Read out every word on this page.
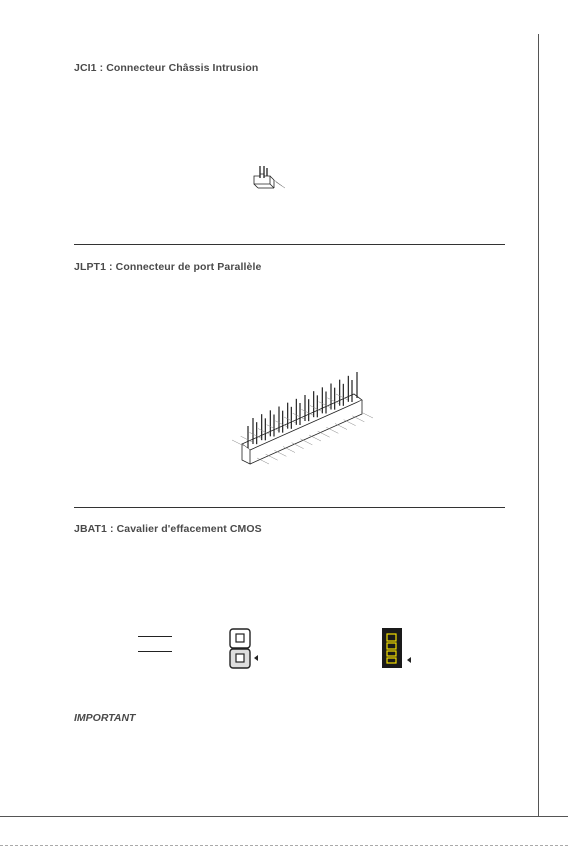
JCI1 : Connecteur Châssis Intrusion
JLPT1 : Connecteur de port Parallèle
JBAT1 : Cavalier d'effacement CMOS
IMPORTANT
